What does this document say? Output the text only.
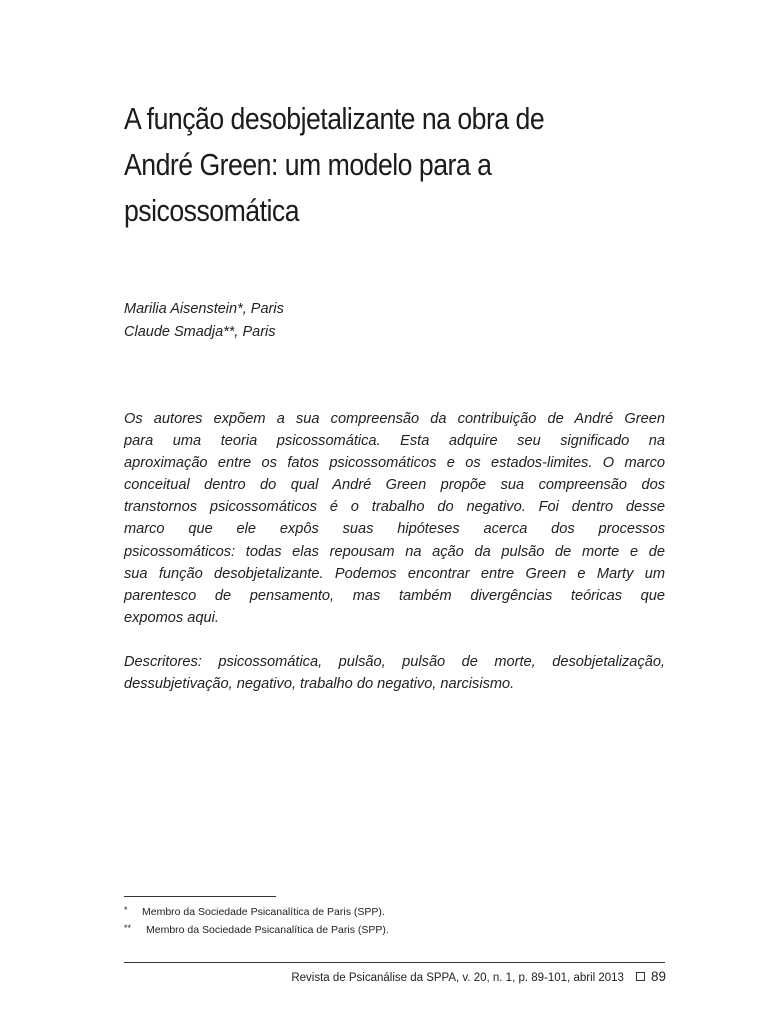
A função desobjetalizante na obra de
André Green: um modelo para a
psicossomática
Marilia Aisenstein*, Paris
Claude Smadja**, Paris
Os autores expõem a sua compreensão da contribuição de André Green
para uma teoria psicossomática. Esta adquire seu significado na
aproximação entre os fatos psicossomáticos e os estados-limites. O marco
conceitual dentro do qual André Green propõe sua compreensão dos
transtornos psicossomáticos é o trabalho do negativo. Foi dentro desse
marco que ele expôs suas hipóteses acerca dos processos
psicossomáticos: todas elas repousam na ação da pulsão de morte e de
sua função desobjetalizante. Podemos encontrar entre Green e Marty um
parentesco de pensamento, mas também divergências teóricas que
expomos aqui.
Descritores: psicossomática, pulsão, pulsão de morte, desobjetalização,
dessubjetivação, negativo, trabalho do negativo, narcisismo.
* Membro da Sociedade Psicanalítica de Paris (SPP).
** Membro da Sociedade Psicanalítica de Paris (SPP).
Revista de Psicanálise da SPPA, v. 20, n. 1, p. 89-101, abril 2013 89
